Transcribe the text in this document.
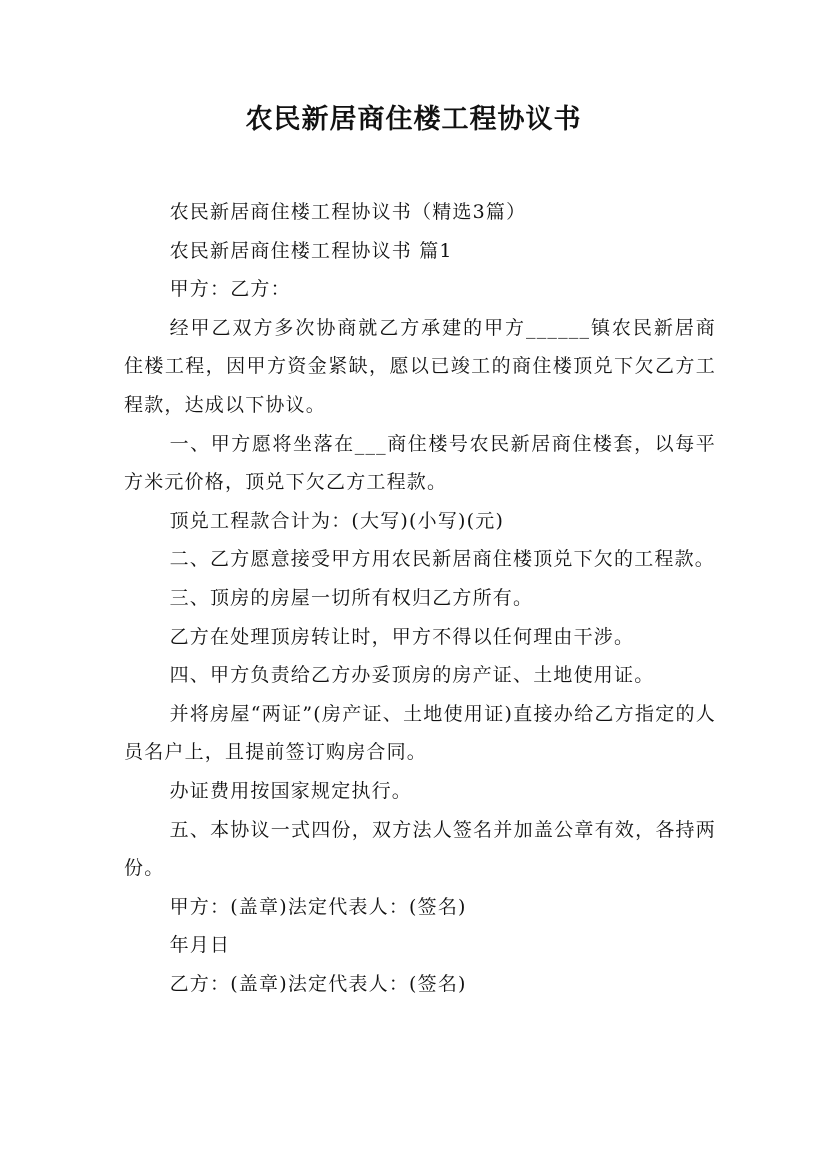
农民新居商住楼工程协议书

农民新居商住楼工程协议书（精选3篇）

农民新居商住楼工程协议书 篇1

甲方：乙方：

经甲乙双方多次协商就乙方承建的甲方______镇农民新居商住楼工程，因甲方资金紧缺，愿以已竣工的商住楼顶兑下欠乙方工程款，达成以下协议。

一、甲方愿将坐落在___商住楼号农民新居商住楼套，以每平方米元价格，顶兑下欠乙方工程款。

顶兑工程款合计为：(大写)(小写)(元)

二、乙方愿意接受甲方用农民新居商住楼顶兑下欠的工程款。

三、顶房的房屋一切所有权归乙方所有。

乙方在处理顶房转让时，甲方不得以任何理由干涉。

四、甲方负责给乙方办妥顶房的房产证、土地使用证。

并将房屋“两证”(房产证、土地使用证)直接办给乙方指定的人员名户上，且提前签订购房合同。

办证费用按国家规定执行。

五、本协议一式四份，双方法人签名并加盖公章有效，各持两份。

甲方：(盖章)法定代表人：(签名)

年月日

乙方：(盖章)法定代表人：(签名)
